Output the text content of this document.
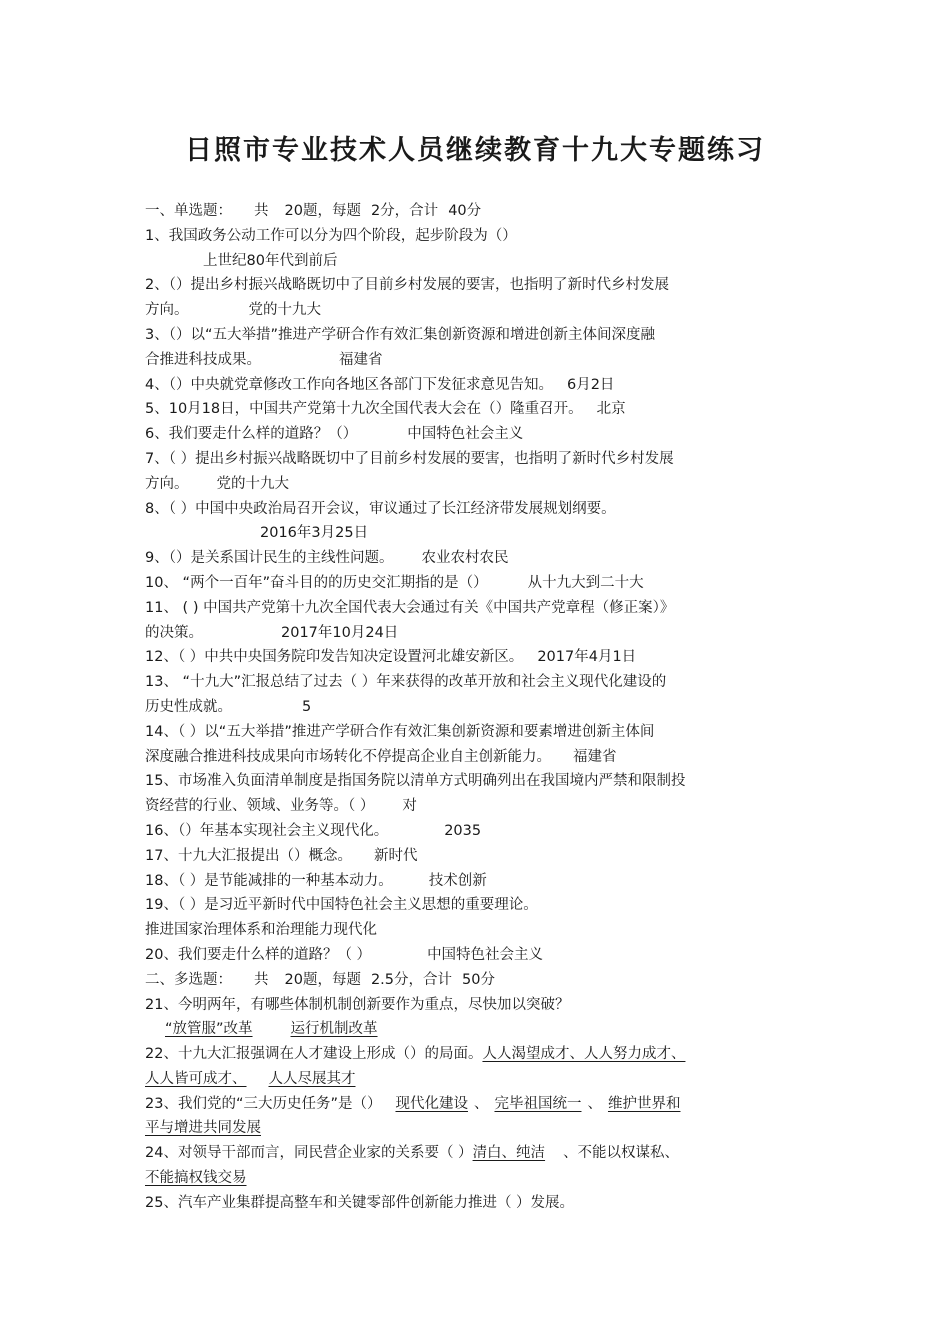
日照市专业技术人员继续教育十九大专题练习
一、单选题： 共 20题，每题 2分，合计 40分
1、我国政务公动工作可以分为四个阶段，起步阶段为（）
上世纪80年代到前后
2、（）提出乡村振兴战略既切中了目前乡村发展的要害，也指明了新时代乡村发展
方向。	党的十九大
3、（）以“五大举措”推进产学研合作有效汇集创新资源和增进创新主体间深度融
合推进科技成果。	福建省
4、（）中央就党章修改工作向各地区各部门下发征求意见告知。 6月2日
5、10月18日，中国共产党第十九次全国代表大会在（）隆重召开。 北京
6、我们要走什么样的道路？（）	中国特色社会主义
7、（ ）提出乡村振兴战略既切中了目前乡村发展的要害，也指明了新时代乡村发展
方向。 党的十九大
8、（ ）中国中央政治局召开会议，审议通过了长江经济带发展规划纲要。
2016年3月25日
9、（）是关系国计民生的主线性问题。 农业农村农民
10、 “两个一百年”奋斗目的的历史交汇期指的是（）	从十九大到二十大
11、 ( ) 中国共产党第十九次全国代表大会通过有关《中国共产党章程（修正案）》
的决策。	2017年10月24日
12、（ ）中共中央国务院印发告知决定设置河北雄安新区。 2017年4月1日
13、 “十九大”汇报总结了过去（ ）年来获得的改革开放和社会主义现代化建设的
历史性成就。	5
14、（ ）以“五大举措”推进产学研合作有效汇集创新资源和要素增进创新主体间
深度融合推进科技成果向市场转化不停提高企业自主创新能力。 福建省
15、市场准入负面清单制度是指国务院以清单方式明确列出在我国境内严禁和限制投
资经营的行业、领域、业务等。（ ） 对
16、（）年基本实现社会主义现代化。	2035
17、十九大汇报提出（）概念。 新时代
18、（ ）是节能减排的一种基本动力。 技术创新
19、（ ）是习近平新时代中国特色社会主义思想的重要理论。
推进国家治理体系和治理能力现代化
20、我们要走什么样的道路？（ ）	中国特色社会主义
二、多选题： 共 20题，每题 2.5分，合计 50分
21、今明两年，有哪些体制机制创新要作为重点，尽快加以突破？
“放管服”改革	运行机制改革
22、十九大汇报强调在人才建设上形成（）的局面。人人渴望成才、人人努力成才、
人人皆可成才、 人人尽展其才
23、我们党的“三大历史任务”是（） 现代化建设 、 完毕祖国统一 、 维护世界和
平与增进共同发展
24、对领导干部而言，同民营企业家的关系要（ ）清白、纯洁 、不能以权谋私、
不能搞权钱交易
25、汽车产业集群提高整车和关键零部件创新能力推进（ ）发展。
